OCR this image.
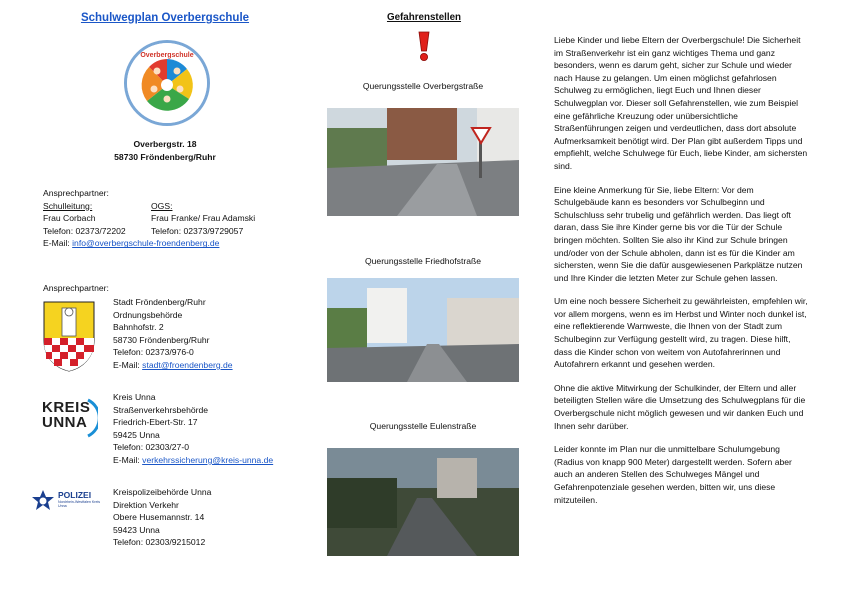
Schulwegplan Overbergschule
Overbergschule
Overbergstr. 18
58730 Fröndenberg/Ruhr
Ansprechpartner:
Schulleitung:	OGS:
Frau Corbach	Frau Franke/ Frau Adamski
Telefon: 02373/72202	Telefon: 02373/9729057
E-Mail: info@overbergschule-froendenberg.de
Ansprechpartner:
Stadt Fröndenberg/Ruhr
Ordnungsbehörde
Bahnhofstr. 2
58730 Fröndenberg/Ruhr
Telefon: 02373/976-0
E-Mail: stadt@froendenberg.de
KREIS UNNA
Kreis Unna
Straßenverkehrsbehörde
Friedrich-Ebert-Str. 17
59425 Unna
Telefon: 02303/27-0
E-Mail: verkehrssicherung@kreis-unna.de
POLIZEI
Nordrhein-Westfalen Kreis Unna
Kreispolizeibehörde Unna
Direktion Verkehr
Obere Husemannstr. 14
59423 Unna
Telefon: 02303/9215012
Gefahrenstellen
Querungsstelle Overbergstraße
Querungsstelle Friedhofstraße
Querungsstelle Eulenstraße

Liebe Kinder und liebe Eltern der Overbergschule! Die Sicherheit im Straßenverkehr ist ein ganz wichtiges Thema und ganz besonders, wenn es darum geht, sicher zur Schule und wieder nach Hause zu gelangen. Um einen möglichst gefahrlosen Schulweg zu ermöglichen, liegt Euch und Ihnen dieser Schulwegplan vor. Dieser soll Gefahrenstellen, wie zum Beispiel eine gefährliche Kreuzung oder unübersichtliche Straßenführungen zeigen und verdeutlichen, dass dort absolute Aufmerksamkeit benötigt wird. Der Plan gibt außerdem Tipps und empfiehlt, welche Schulwege für Euch, liebe Kinder, am sichersten sind.

Eine kleine Anmerkung für Sie, liebe Eltern: Vor dem Schulgebäude kann es besonders vor Schulbeginn und Schulschluss sehr trubelig und gefährlich werden. Das liegt oft daran, dass Sie ihre Kinder gerne bis vor die Tür der Schule bringen möchten. Sollten Sie also ihr Kind zur Schule bringen und/oder von der Schule abholen, dann ist es für die Kinder am sichersten, wenn Sie die dafür ausgewiesenen Parkplätze nutzen und Ihre Kinder die letzten Meter zur Schule gehen lassen.

Um eine noch bessere Sicherheit zu gewährleisten, empfehlen wir, vor allem morgens, wenn es im Herbst und Winter noch dunkel ist, eine reflektierende Warnweste, die Ihnen von der Stadt zum Schulbeginn zur Verfügung gestellt wird, zu tragen. Diese hilft, dass die Kinder schon von weitem von Autofahrerinnen und Autofahrern erkannt und gesehen werden.

Ohne die aktive Mitwirkung der Schulkinder, der Eltern und aller beteiligten Stellen wäre die Umsetzung des Schulwegplans für die Overbergschule nicht möglich gewesen und wir danken Euch und Ihnen sehr darüber.

Leider konnte im Plan nur die unmittelbare Schulumgebung (Radius von knapp 900 Meter) dargestellt werden. Sofern aber auch an anderen Stellen des Schulweges Mängel und Gefahrenpotenziale gesehen werden, bitten wir, uns diese mitzuteilen.
